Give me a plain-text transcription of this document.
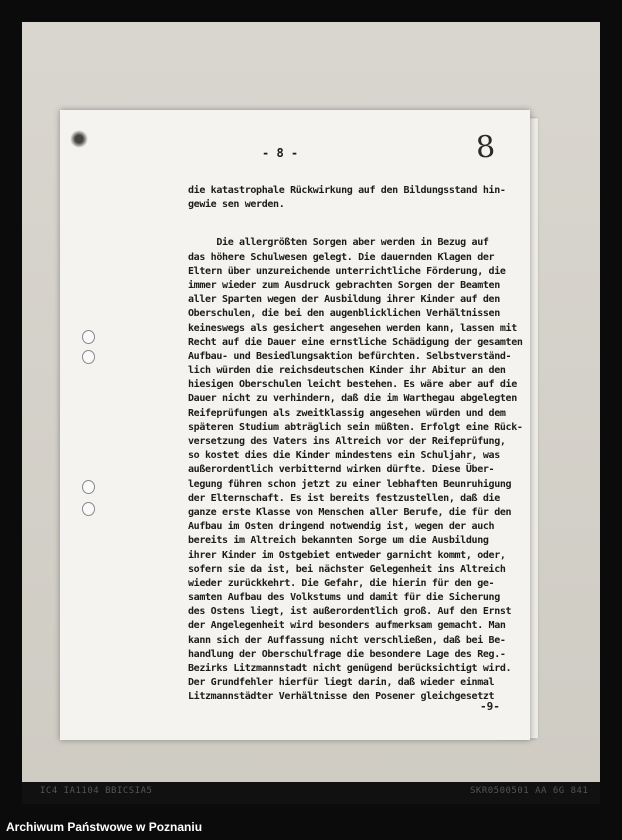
- 8 -	8
die katastrophale Rückwirkung auf den Bildungsstand hin-
gewie sen werden.
Die allergrößten Sorgen aber werden in Bezug auf
das höhere Schulwesen gelegt. Die dauernden Klagen der
Eltern über unzureichende unterrichtliche Förderung, die
immer wieder zum Ausdruck gebrachten Sorgen der Beamten
aller Sparten wegen der Ausbildung ihrer Kinder auf den
Oberschulen, die bei den augenblicklichen Verhältnissen
keineswegs als gesichert angesehen werden kann, lassen mit
Recht auf die Dauer eine ernstliche Schädigung der gesamten
Aufbau- und Besiedlungsaktion befürchten. Selbstverständ-
lich würden die reichsdeutschen Kinder ihr Abitur an den
hiesigen Oberschulen leicht bestehen. Es wäre aber auf die
Dauer nicht zu verhindern, daß die im Warthegau abgelegten
Reifeprüfungen als zweitklassig angesehen würden und dem
späteren Studium abträglich sein müßten. Erfolgt eine Rück-
versetzung des Vaters ins Altreich vor der Reifeprüfung,
so kostet dies die Kinder mindestens ein Schuljahr, was
außerordentlich verbitternd wirken dürfte. Diese Über-
legung führen schon jetzt zu einer lebhaften Beunruhigung
der Elternschaft. Es ist bereits festzustellen, daß die
ganze erste Klasse von Menschen aller Berufe, die für den
Aufbau im Osten dringend notwendig ist, wegen der auch
bereits im Altreich bekannten Sorge um die Ausbildung
ihrer Kinder im Ostgebiet entweder garnicht kommt, oder,
sofern sie da ist, bei nächster Gelegenheit ins Altreich
wieder zurückkehrt. Die Gefahr, die hierin für den ge-
samten Aufbau des Volkstums und damit für die Sicherung
des Ostens liegt, ist außerordentlich groß. Auf den Ernst
der Angelegenheit wird besonders aufmerksam gemacht. Man
kann sich der Auffassung nicht verschließen, daß bei Be-
handlung der Oberschulfrage die besondere Lage des Reg.-
Bezirks Litzmannstadt nicht genügend berücksichtigt wird.
Der Grundfehler hierfür liegt darin, daß wieder einmal
Litzmannstädter Verhältnisse den Posener gleichgesetzt
-9-
IC4 IA1104 BBICSIA5	SKR0500501 AA 6G 841
Archiwum Państwowe w Poznaniu
